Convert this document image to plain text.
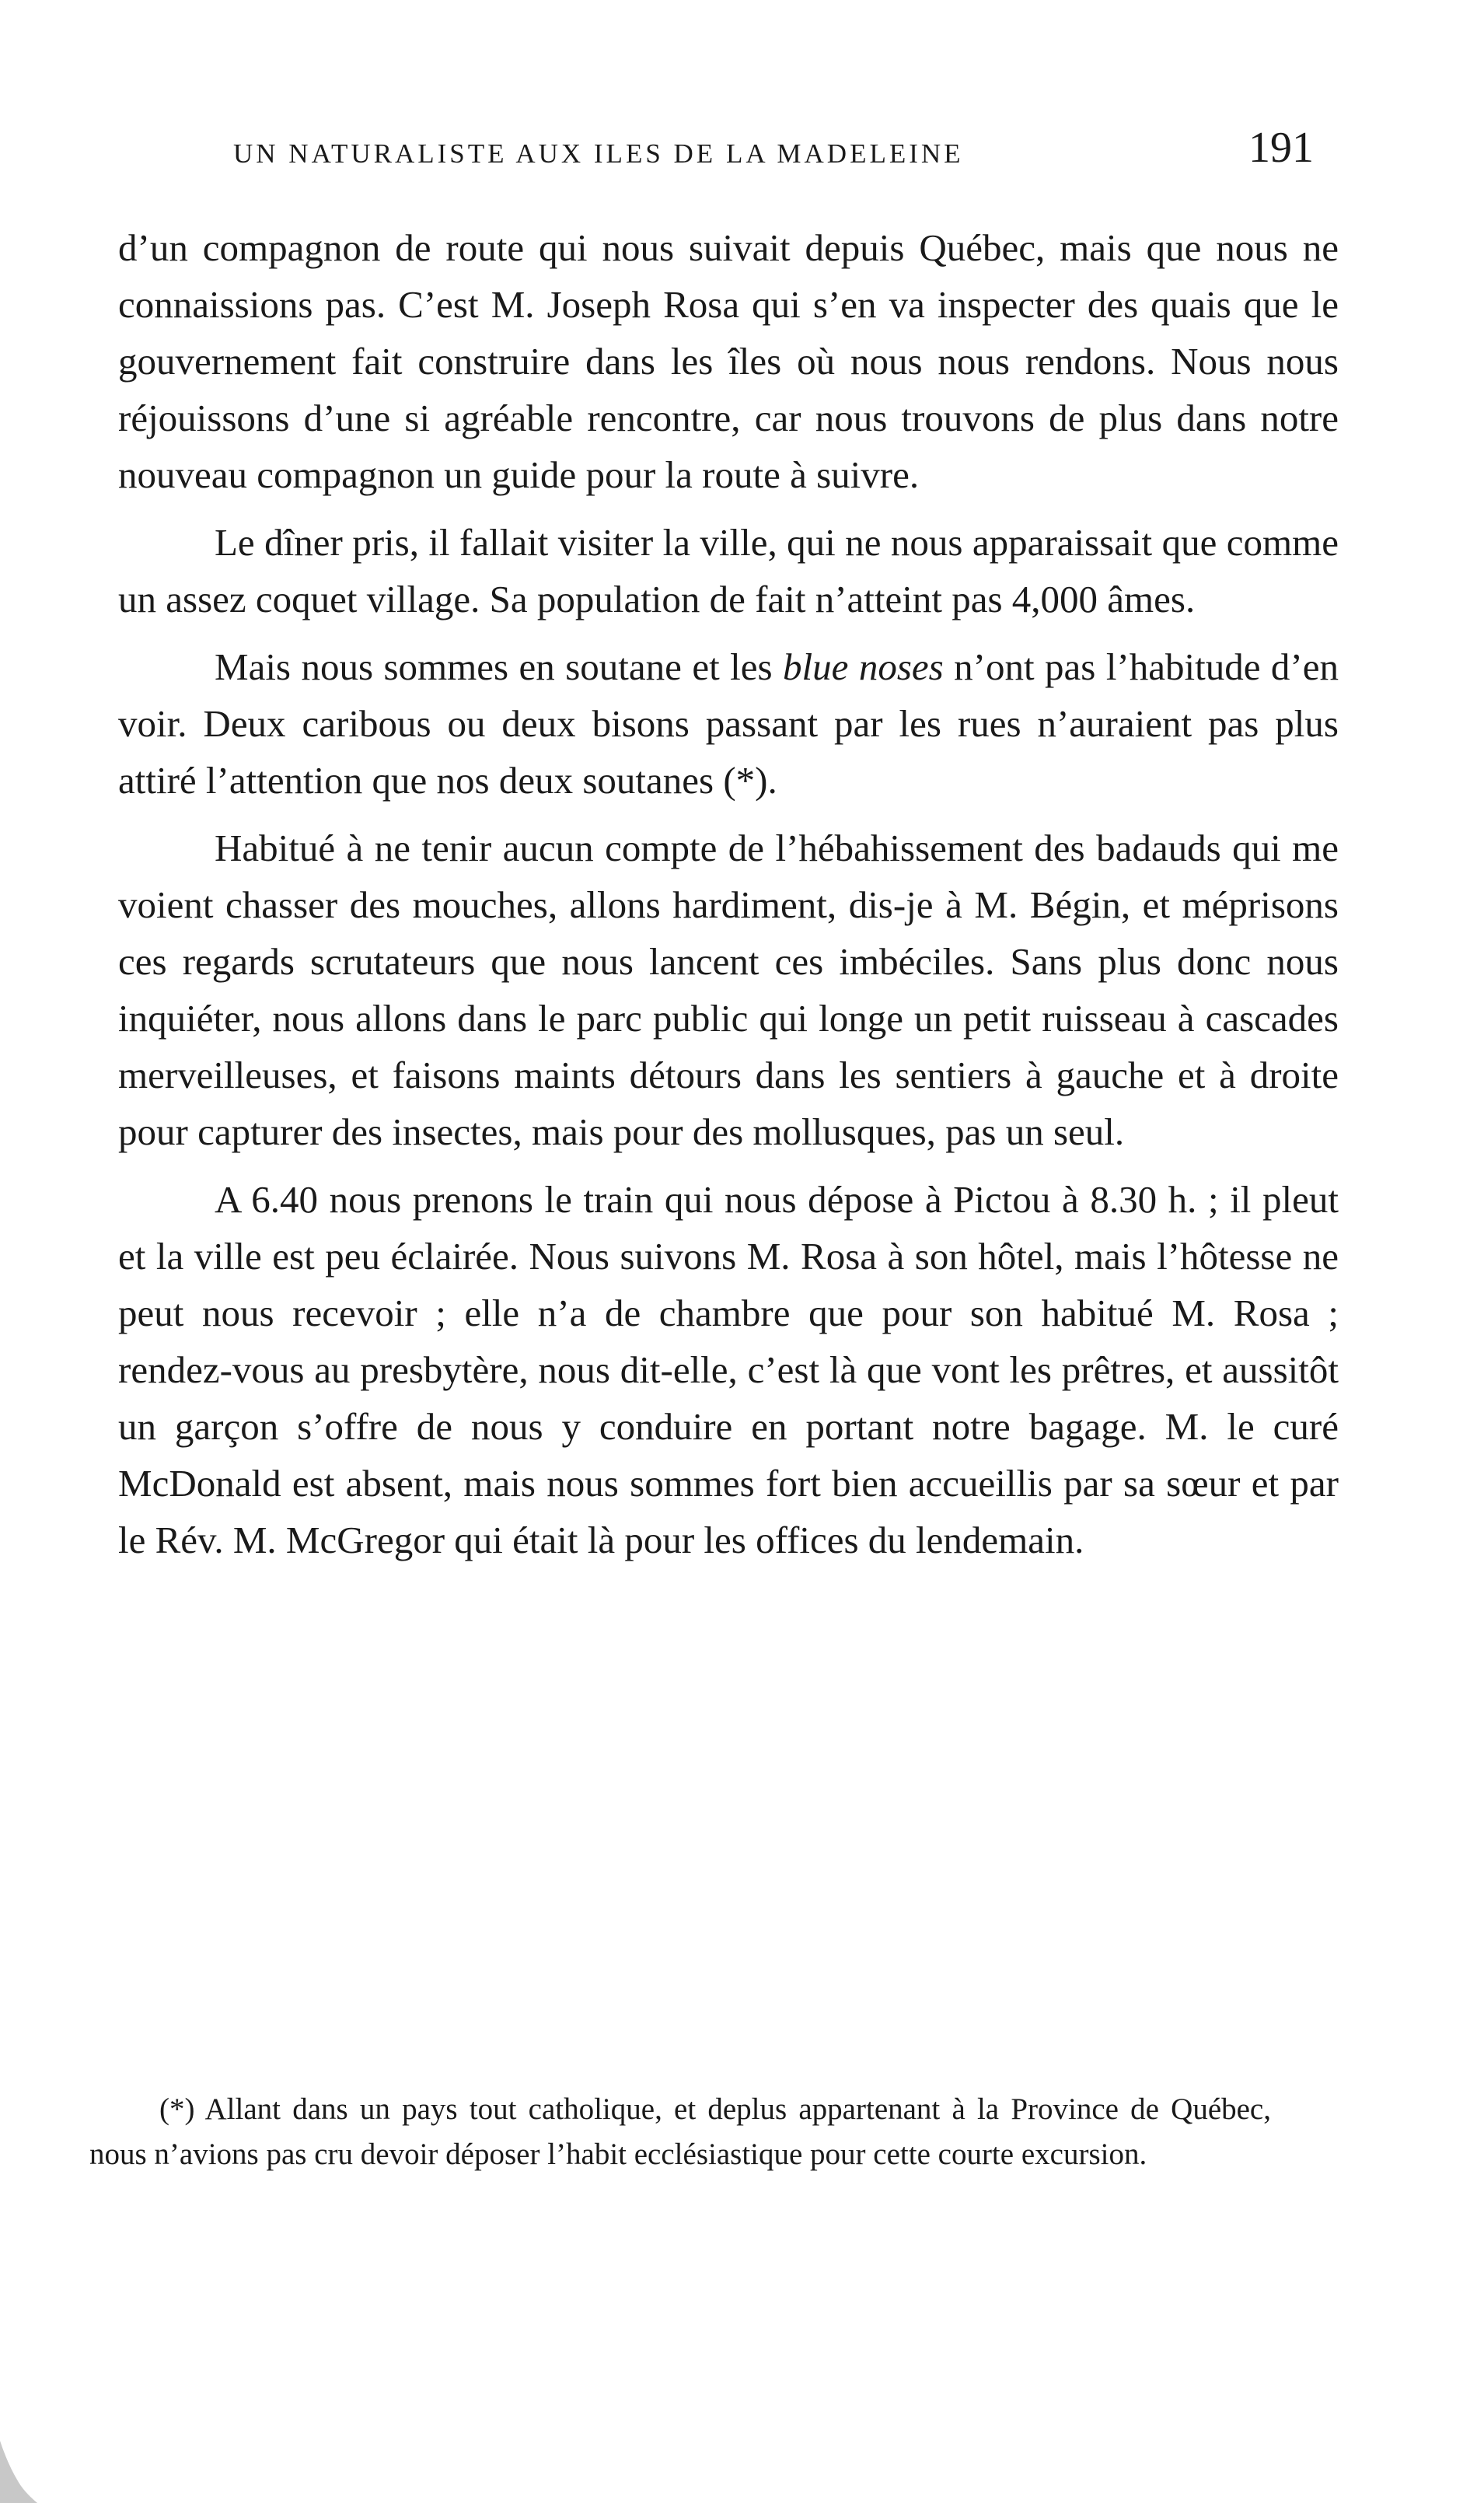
UN NATURALISTE AUX ILES DE LA MADELEINE	191

d’un compagnon de route qui nous suivait depuis Québec, mais que nous ne connaissions pas. C’est M. Joseph Rosa qui s’en va inspecter des quais que le gouvernement fait construire dans les îles où nous nous rendons. Nous nous réjouissons d’une si agréable rencontre, car nous trouvons de plus dans notre nouveau compagnon un guide pour la route à suivre.

Le dîner pris, il fallait visiter la ville, qui ne nous apparaissait que comme un assez coquet village. Sa population de fait n’atteint pas 4,000 âmes.

Mais nous sommes en soutane et les blue noses n’ont pas l’habitude d’en voir. Deux caribous ou deux bisons passant par les rues n’auraient pas plus attiré l’attention que nos deux soutanes (*).

Habitué à ne tenir aucun compte de l’hébahissement des badauds qui me voient chasser des mouches, allons hardiment, dis-je à M. Bégin, et méprisons ces regards scrutateurs que nous lancent ces imbéciles. Sans plus donc nous inquiéter, nous allons dans le parc public qui longe un petit ruisseau à cascades merveilleuses, et faisons maints détours dans les sentiers à gauche et à droite pour capturer des insectes, mais pour des mollusques, pas un seul.

A 6.40 nous prenons le train qui nous dépose à Pictou à 8.30 h. ; il pleut et la ville est peu éclairée. Nous suivons M. Rosa à son hôtel, mais l’hôtesse ne peut nous recevoir ; elle n’a de chambre que pour son habitué M. Rosa ; rendez-vous au presbytère, nous dit-elle, c’est là que vont les prêtres, et aussitôt un garçon s’offre de nous y conduire en portant notre bagage. M. le curé McDonald est absent, mais nous sommes fort bien accueillis par sa sœur et par le Rév. M. McGregor qui était là pour les offices du lendemain.

(*) Allant dans un pays tout catholique, et deplus appartenant à la Province de Québec, nous n’avions pas cru devoir déposer l’habit ecclésiastique pour cette courte excursion.
